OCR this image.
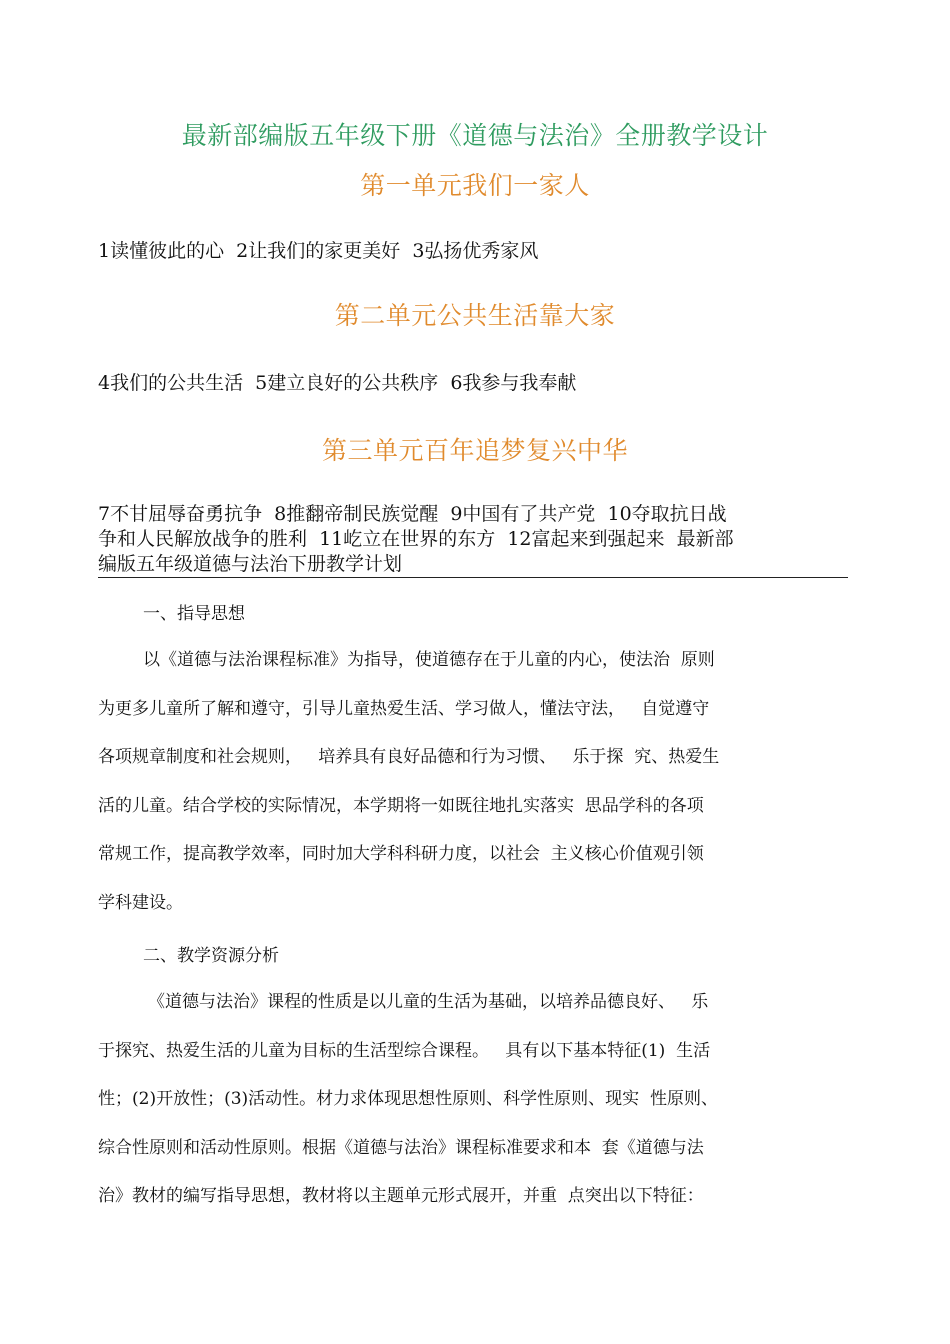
最新部编版五年级下册《道德与法治》全册教学设计
第一单元我们一家人
1读懂彼此的心  2让我们的家更美好  3弘扬优秀家风
第二单元公共生活靠大家
4我们的公共生活  5建立良好的公共秩序  6我参与我奉献
第三单元百年追梦复兴中华
7不甘屈辱奋勇抗争  8推翻帝制民族觉醒  9中国有了共产党  10夺取抗日战
争和人民解放战争的胜利  11屹立在世界的东方  12富起来到强起来  最新部
编版五年级道德与法治下册教学计划
一、指导思想
以《道德与法治课程标准》为指导，使道德存在于儿童的内心，使法治  原则
为更多儿童所了解和遵守，引导儿童热爱生活、学习做人，懂法守法，   自觉遵守
各项规章制度和社会规则，   培养具有良好品德和行为习惯、   乐于探  究、热爱生
活的儿童。结合学校的实际情况，本学期将一如既往地扎实落实  思品学科的各项
常规工作，提高教学效率，同时加大学科科研力度，以社会  主义核心价值观引领
学科建设。
二、教学资源分析
《道德与法治》课程的性质是以儿童的生活为基础，以培养品德良好、   乐
于探究、热爱生活的儿童为目标的生活型综合课程。   具有以下基本特征(1)  生活
性；(2)开放性；(3)活动性。材力求体现思想性原则、科学性原则、现实  性原则、
综合性原则和活动性原则。根据《道德与法治》课程标准要求和本  套《道德与法
治》教材的编写指导思想，教材将以主题单元形式展开，并重  点突出以下特征：
